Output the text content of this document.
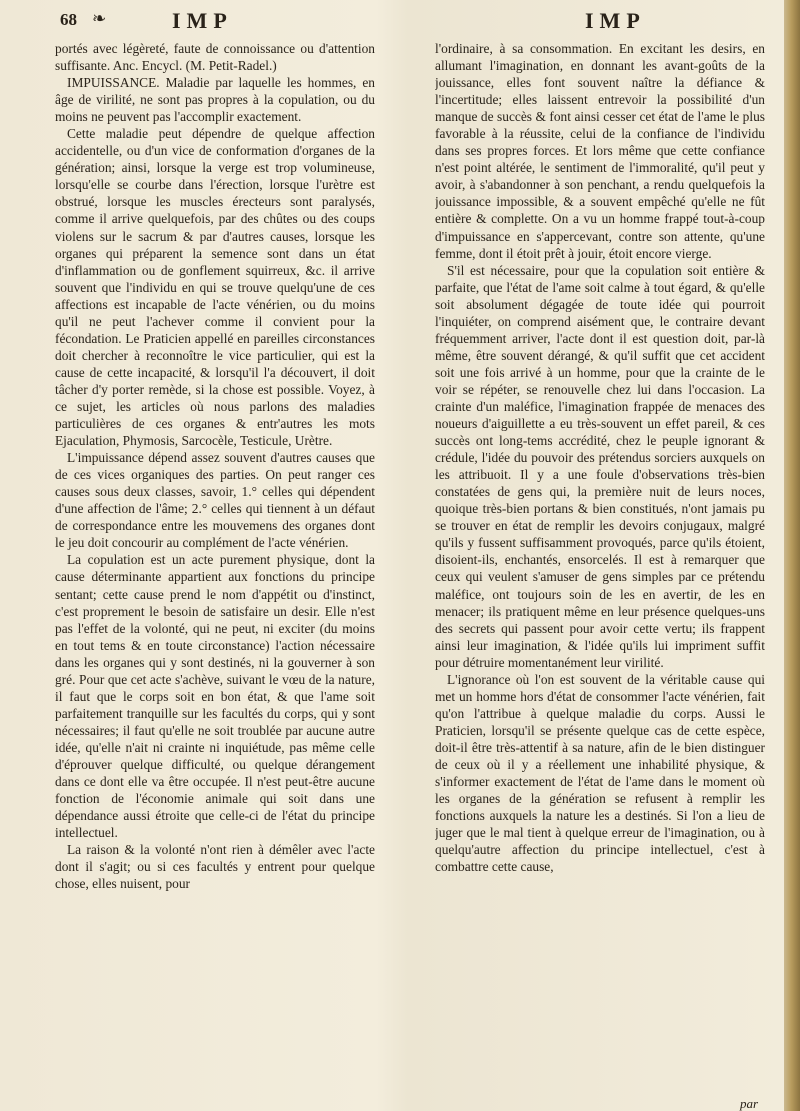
68 ❧	IMP	IMP

portés avec légèreté, faute de connoissance ou d'attention suffisante. Anc. Encycl. (M. Petit-Radel.)

IMPUISSANCE. Maladie par laquelle les hommes, en âge de virilité, ne sont pas propres à la copulation, ou du moins ne peuvent pas l'accomplir exactement.

Cette maladie peut dépendre de quelque affection accidentelle, ou d'un vice de conformation d'organes de la génération; ainsi, lorsque la verge est trop volumineuse, lorsqu'elle se courbe dans l'érection, lorsque l'urètre est obstrué, lorsque les muscles érecteurs sont paralysés, comme il arrive quelquefois, par des chûtes ou des coups violens sur le sacrum & par d'autres causes, lorsque les organes qui préparent la semence sont dans un état d'inflammation ou de gonflement squirreux, &c. il arrive souvent que l'individu en qui se trouve quelqu'une de ces affections est incapable de l'acte vénérien, ou du moins qu'il ne peut l'achever comme il convient pour la fécondation. Le Praticien appellé en pareilles circonstances doit chercher à reconnoître le vice particulier, qui est la cause de cette incapacité, & lorsqu'il l'a découvert, il doit tâcher d'y porter remède, si la chose est possible. Voyez, à ce sujet, les articles où nous parlons des maladies particulières de ces organes & entr'autres les mots Ejaculation, Phymosis, Sarcocèle, Testicule, Urètre.

L'impuissance dépend assez souvent d'autres causes que de ces vices organiques des parties. On peut ranger ces causes sous deux classes, savoir, 1.° celles qui dépendent d'une affection de l'âme; 2.° celles qui tiennent à un défaut de correspondance entre les mouvemens des organes dont le jeu doit concourir au complément de l'acte vénérien.

La copulation est un acte purement physique, dont la cause déterminante appartient aux fonctions du principe sentant; cette cause prend le nom d'appétit ou d'instinct, c'est proprement le besoin de satisfaire un desir. Elle n'est pas l'effet de la volonté, qui ne peut, ni exciter (du moins en tout tems & en toute circonstance) l'action nécessaire dans les organes qui y sont destinés, ni la gouverner à son gré. Pour que cet acte s'achève, suivant le vœu de la nature, il faut que le corps soit en bon état, & que l'ame soit parfaitement tranquille sur les facultés du corps, qui y sont nécessaires; il faut qu'elle ne soit troublée par aucune autre idée, qu'elle n'ait ni crainte ni inquiétude, pas même celle d'éprouver quelque difficulté, ou quelque dérangement dans ce dont elle va être occupée. Il n'est peut-être aucune fonction de l'économie animale qui soit dans une dépendance aussi étroite que celle-ci de l'état du principe intellectuel.

La raison & la volonté n'ont rien à démêler avec l'acte dont il s'agit; ou si ces facultés y entrent pour quelque chose, elles nuisent, pour

l'ordinaire, à sa consommation. En excitant les desirs, en allumant l'imagination, en donnant les avant-goûts de la jouissance, elles font souvent naître la défiance & l'incertitude; elles laissent entrevoir la possibilité d'un manque de succès & font ainsi cesser cet état de l'ame le plus favorable à la réussite, celui de la confiance de l'individu dans ses propres forces. Et lors même que cette confiance n'est point altérée, le sentiment de l'immoralité, qu'il peut y avoir, à s'abandonner à son penchant, a rendu quelquefois la jouissance impossible, & a souvent empêché qu'elle ne fût entière & complette. On a vu un homme frappé tout-à-coup d'impuissance en s'appercevant, contre son attente, qu'une femme, dont il étoit prêt à jouir, étoit encore vierge.

S'il est nécessaire, pour que la copulation soit entière & parfaite, que l'état de l'ame soit calme à tout égard, & qu'elle soit absolument dégagée de toute idée qui pourroit l'inquiéter, on comprend aisément que, le contraire devant fréquemment arriver, l'acte dont il est question doit, par-là même, être souvent dérangé, & qu'il suffit que cet accident soit une fois arrivé à un homme, pour que la crainte de le voir se répéter, se renouvelle chez lui dans l'occasion. La crainte d'un maléfice, l'imagination frappée de menaces des noueurs d'aiguillette a eu très-souvent un effet pareil, & ces succès ont long-tems accrédité, chez le peuple ignorant & crédule, l'idée du pouvoir des prétendus sorciers auxquels on les attribuoit. Il y a une foule d'observations très-bien constatées de gens qui, la première nuit de leurs noces, quoique très-bien portans & bien constitués, n'ont jamais pu se trouver en état de remplir les devoirs conjugaux, malgré qu'ils y fussent suffisamment provoqués, parce qu'ils étoient, disoient-ils, enchantés, ensorcelés. Il est à remarquer que ceux qui veulent s'amuser de gens simples par ce prétendu maléfice, ont toujours soin de les en avertir, de les en menacer; ils pratiquent même en leur présence quelques-uns des secrets qui passent pour avoir cette vertu; ils frappent ainsi leur imagination, & l'idée qu'ils lui impriment suffit pour détruire momentanément leur virilité.

L'ignorance où l'on est souvent de la véritable cause qui met un homme hors d'état de consommer l'acte vénérien, fait qu'on l'attribue à quelque maladie du corps. Aussi le Praticien, lorsqu'il se présente quelque cas de cette espèce, doit-il être très-attentif à sa nature, afin de le bien distinguer de ceux où il y a réellement une inhabilité physique, & s'informer exactement de l'état de l'ame dans le moment où les organes de la génération se refusent à remplir les fonctions auxquels la nature les a destinés. Si l'on a lieu de juger que le mal tient à quelque erreur de l'imagination, ou à quelqu'autre affection du principe intellectuel, c'est à combattre cette cause,

par
